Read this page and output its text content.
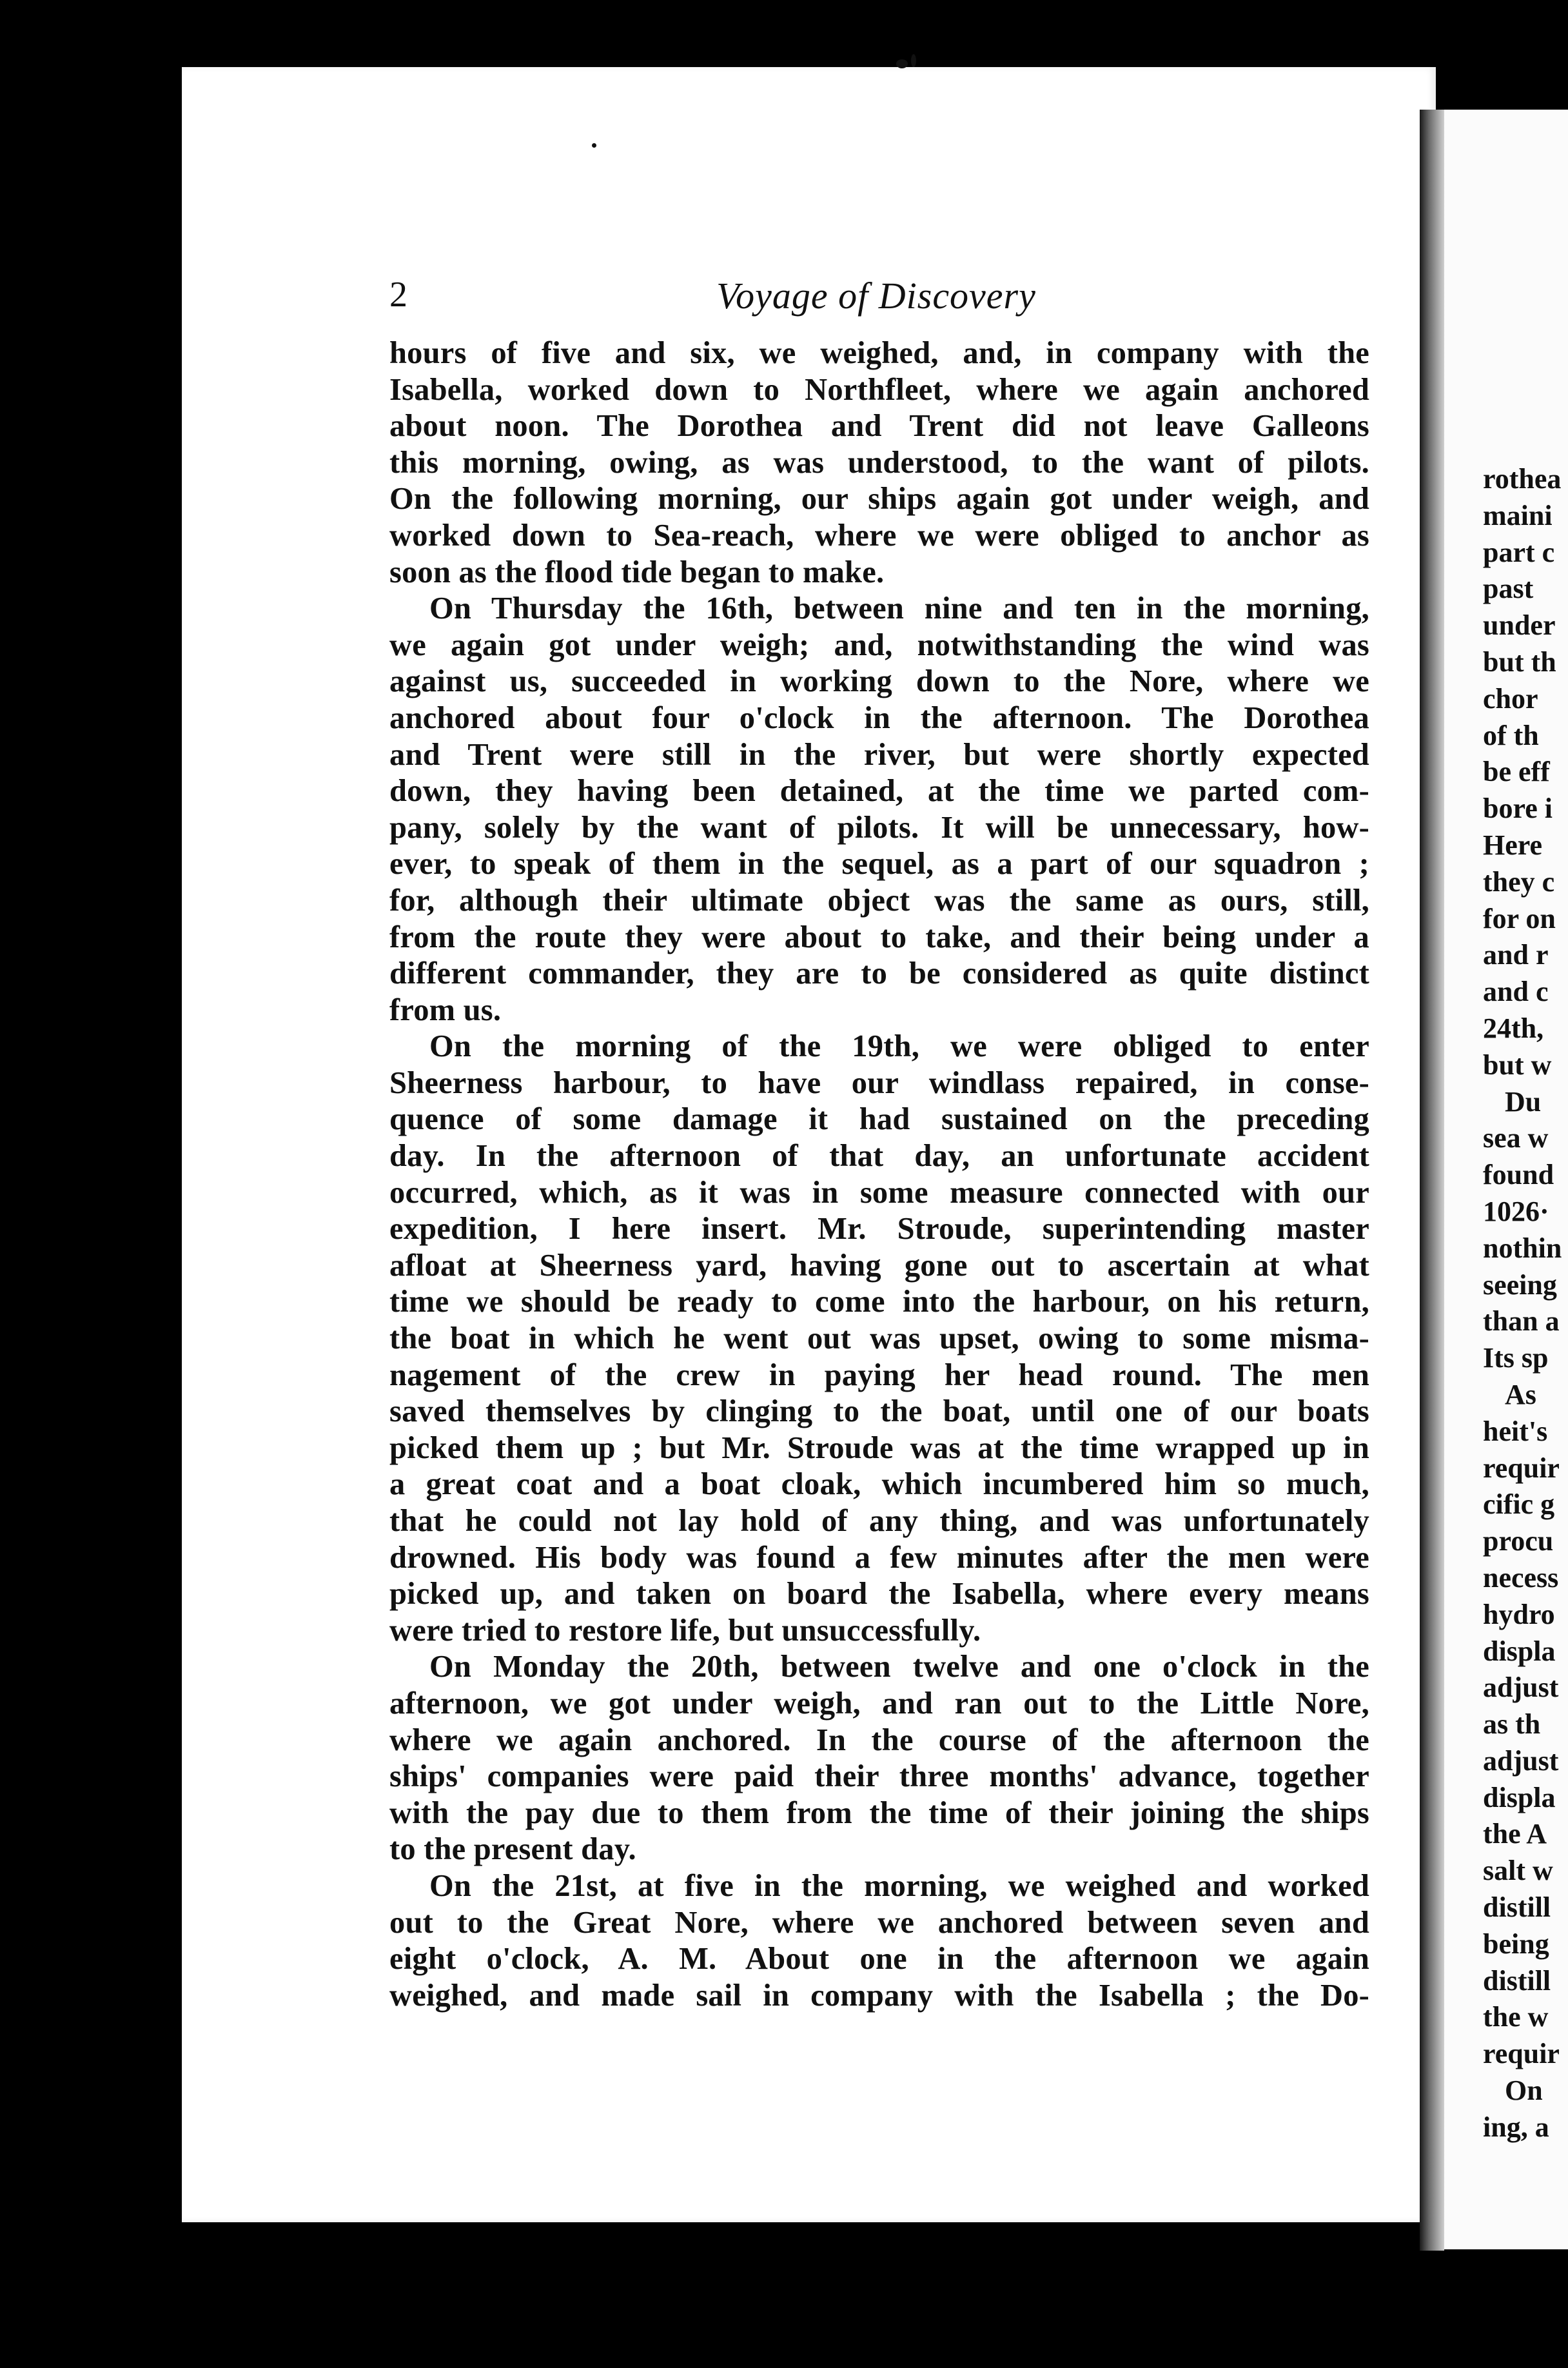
rothea
maini
part c
past
under
but th
chor
of th
be eff
bore i
Here
they c
for on
and r
and c
24th,
but w
Du
sea w
found
1026·
nothin
seeing
than a
Its sp
As
heit's
requir
cific g
procu
necess
hydro
displa
adjust
as th
adjust
displa
the A
salt w
distill
being
distill
the w
requir
On
ing, a
2	Voyage of Discovery
hours of five and six, we weighed, and, in company with the
Isabella, worked down to Northfleet, where we again anchored
about noon. The Dorothea and Trent did not leave Galleons
this morning, owing, as was understood, to the want of pilots.
On the following morning, our ships again got under weigh, and
worked down to Sea-reach, where we were obliged to anchor as
soon as the flood tide began to make.
On Thursday the 16th, between nine and ten in the morning,
we again got under weigh; and, notwithstanding the wind was
against us, succeeded in working down to the Nore, where we
anchored about four o'clock in the afternoon. The Dorothea
and Trent were still in the river, but were shortly expected
down, they having been detained, at the time we parted com-
pany, solely by the want of pilots. It will be unnecessary, how-
ever, to speak of them in the sequel, as a part of our squadron ;
for, although their ultimate object was the same as ours, still,
from the route they were about to take, and their being under a
different commander, they are to be considered as quite distinct
from us.
On the morning of the 19th, we were obliged to enter
Sheerness harbour, to have our windlass repaired, in conse-
quence of some damage it had sustained on the preceding
day. In the afternoon of that day, an unfortunate accident
occurred, which, as it was in some measure connected with our
expedition, I here insert. Mr. Stroude, superintending master
afloat at Sheerness yard, having gone out to ascertain at what
time we should be ready to come into the harbour, on his return,
the boat in which he went out was upset, owing to some misma-
nagement of the crew in paying her head round. The men
saved themselves by clinging to the boat, until one of our boats
picked them up ; but Mr. Stroude was at the time wrapped up in
a great coat and a boat cloak, which incumbered him so much,
that he could not lay hold of any thing, and was unfortunately
drowned. His body was found a few minutes after the men were
picked up, and taken on board the Isabella, where every means
were tried to restore life, but unsuccessfully.
On Monday the 20th, between twelve and one o'clock in the
afternoon, we got under weigh, and ran out to the Little Nore,
where we again anchored. In the course of the afternoon the
ships' companies were paid their three months' advance, together
with the pay due to them from the time of their joining the ships
to the present day.
On the 21st, at five in the morning, we weighed and worked
out to the Great Nore, where we anchored between seven and
eight o'clock, A. M. About one in the afternoon we again
weighed, and made sail in company with the Isabella ; the Do-
